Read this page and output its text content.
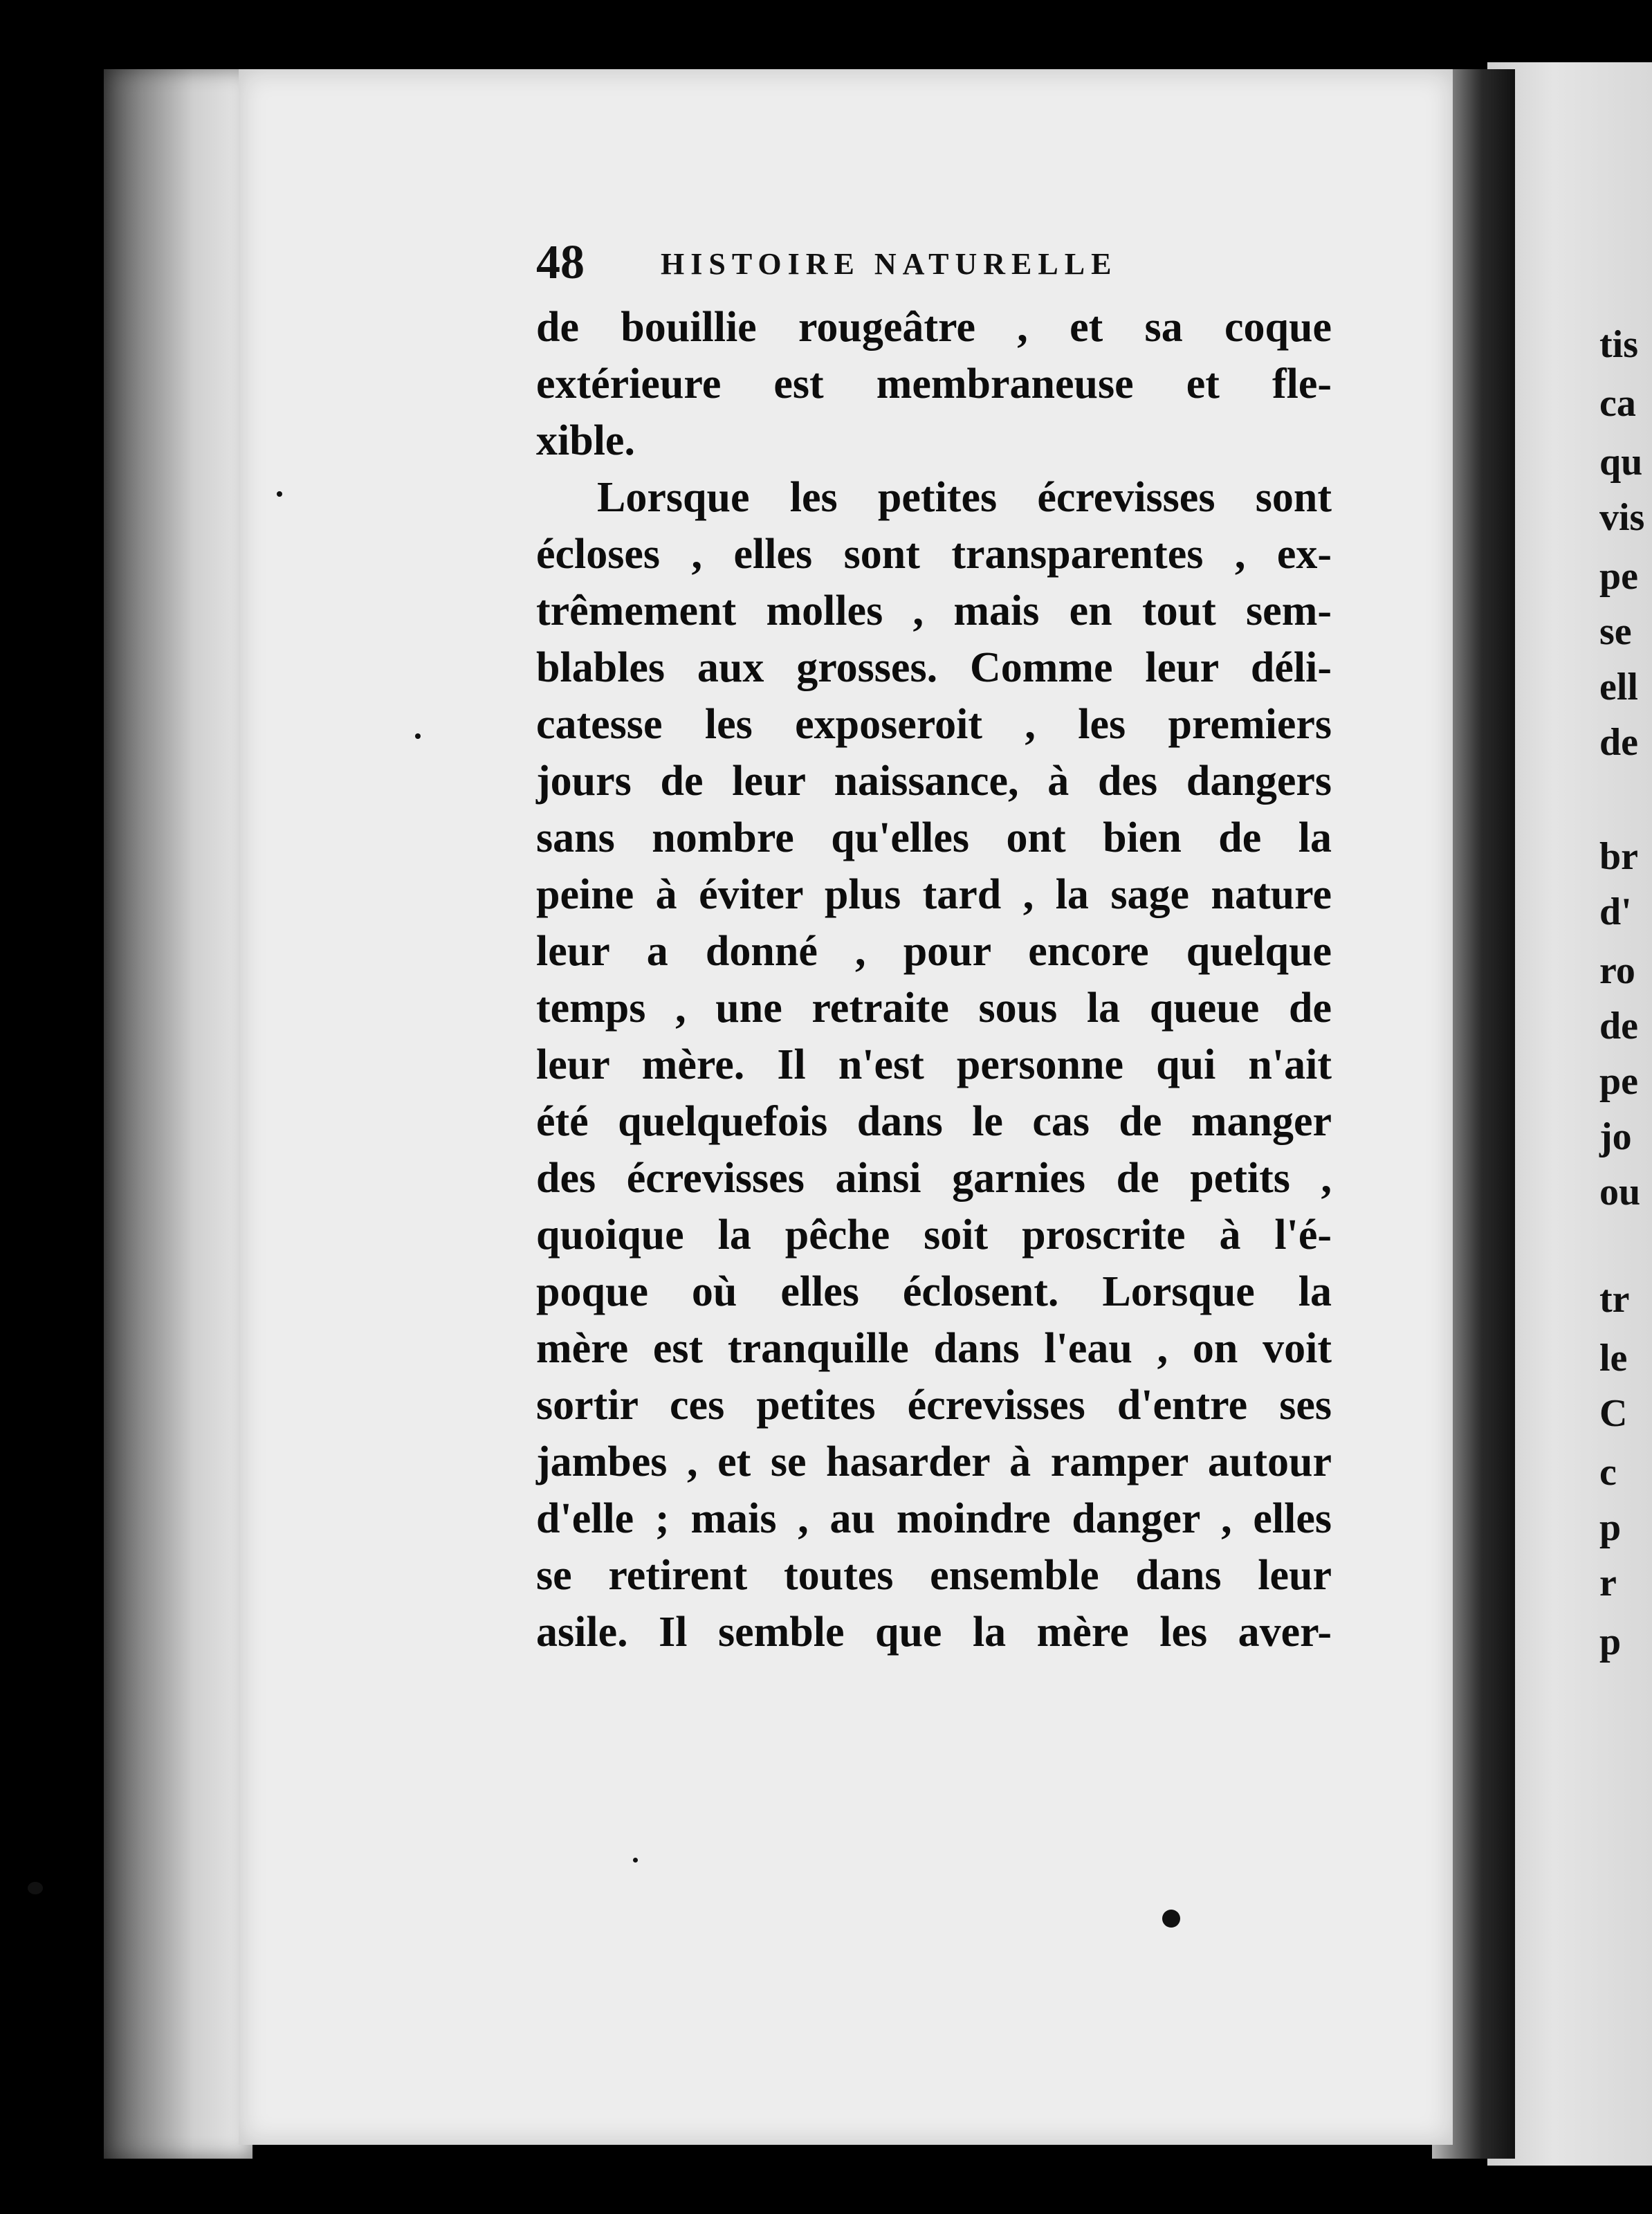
48	HISTOIRE NATURELLE
de bouillie rougeâtre , et sa coque
extérieure est membraneuse et fle-
xible.
Lorsque les petites écrevisses sont
écloses , elles sont transparentes , ex-
trêmement molles , mais en tout sem-
blables aux grosses. Comme leur déli-
catesse les exposeroit , les premiers
jours de leur naissance, à des dangers
sans nombre qu'elles ont bien de la
peine à éviter plus tard , la sage nature
leur a donné , pour encore quelque
temps , une retraite sous la queue de
leur mère. Il n'est personne qui n'ait
été quelquefois dans le cas de manger
des écrevisses ainsi garnies de petits ,
quoique la pêche soit proscrite à l'é-
poque où elles éclosent. Lorsque la
mère est tranquille dans l'eau , on voit
sortir ces petites écrevisses d'entre ses
jambes , et se hasarder à ramper autour
d'elle ; mais , au moindre danger , elles
se retirent toutes ensemble dans leur
asile. Il semble que la mère les aver-
tis
ca
qu
vis
pe
se
ell
de
br
d'
ro
de
pe
jo
ou
tr
le
C
c
p
r
p
